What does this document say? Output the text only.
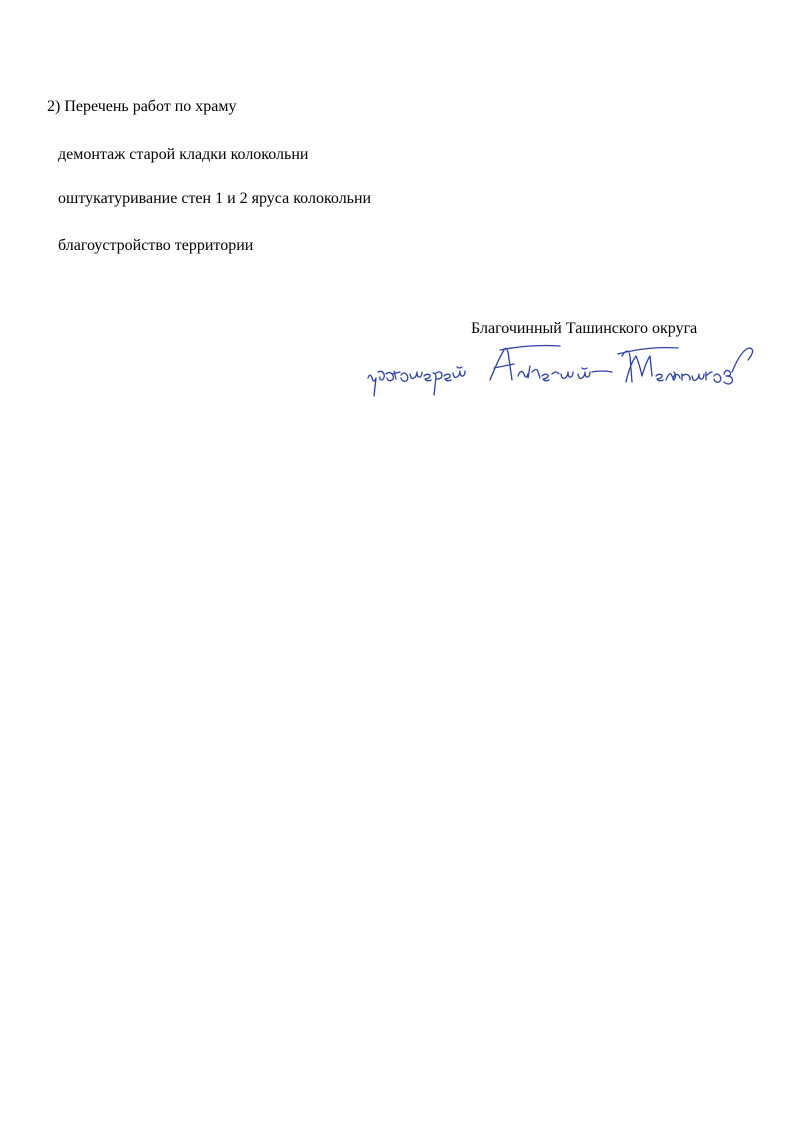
2) Перечень работ по храму
демонтаж старой кладки колокольни
оштукатуривание стен 1 и 2 яруса колокольни
благоустройство территории
Благочинный Ташинского округа
